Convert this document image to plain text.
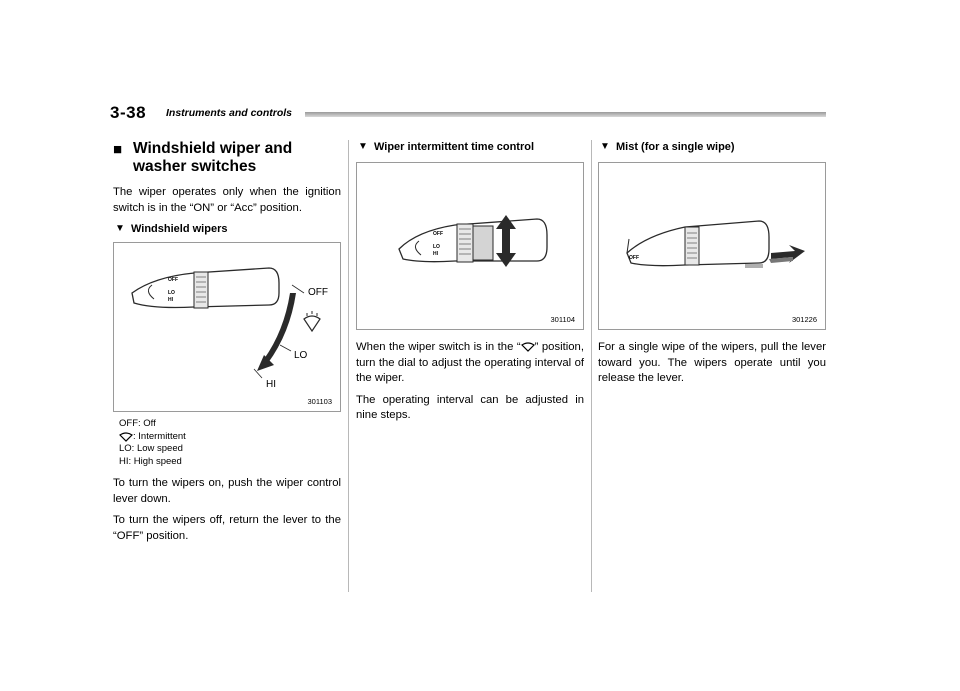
3-38 Instruments and controls
■ Windshield wiper and washer switches

The wiper operates only when the ignition switch is in the “ON” or “Acc” position.

▼ Windshield wipers
OFF
LO
HI
OFF
LO
HI
301103
OFF: Off
: Intermittent
LO: Low speed
HI: High speed

To turn the wipers on, push the wiper control lever down.

To turn the wipers off, return the lever to the “OFF” position.

▼ Wiper intermittent time control
OFF
LO
HI
301104

When the wiper switch is in the “ ” position, turn the dial to adjust the operating interval of the wiper.

The operating interval can be adjusted in nine steps.

▼ Mist (for a single wipe)
OFF
301226

For a single wipe of the wipers, pull the lever toward you. The wipers operate until you release the lever.
